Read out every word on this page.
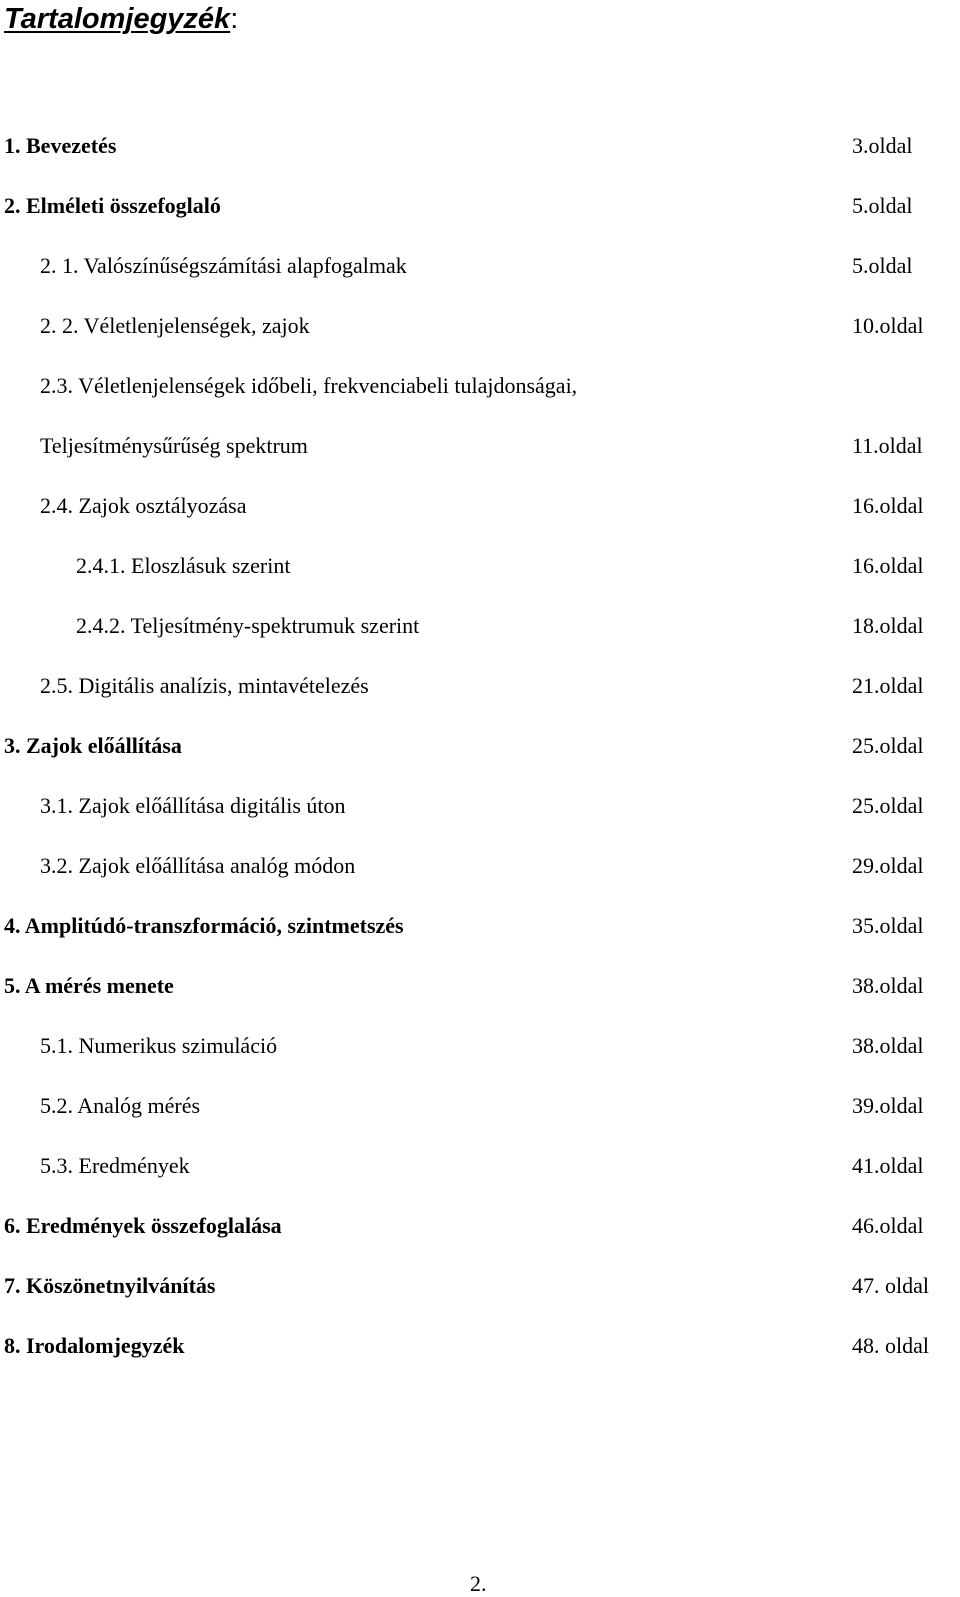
Tartalomjegyzék:
1. Bevezetés	3.oldal
2. Elméleti összefoglaló	5.oldal
2. 1. Valószínűségszámítási alapfogalmak	5.oldal
2. 2. Véletlenjelenségek, zajok	10.oldal
2.3. Véletlenjelenségek időbeli, frekvenciabeli tulajdonságai,
Teljesítménysűrűség spektrum	11.oldal
2.4. Zajok osztályozása	16.oldal
2.4.1. Eloszlásuk szerint	16.oldal
2.4.2. Teljesítmény-spektrumuk szerint	18.oldal
2.5. Digitális analízis, mintavételezés	21.oldal
3. Zajok előállítása	25.oldal
3.1. Zajok előállítása digitális úton	25.oldal
3.2. Zajok előállítása analóg módon	29.oldal
4. Amplitúdó-transzformáció, szintmetszés	35.oldal
5. A mérés menete	38.oldal
5.1. Numerikus szimuláció	38.oldal
5.2. Analóg mérés	39.oldal
5.3. Eredmények	41.oldal
6. Eredmények összefoglalása	46.oldal
7. Köszönetnyilvánítás	47. oldal
8. Irodalomjegyzék	48. oldal
2.
